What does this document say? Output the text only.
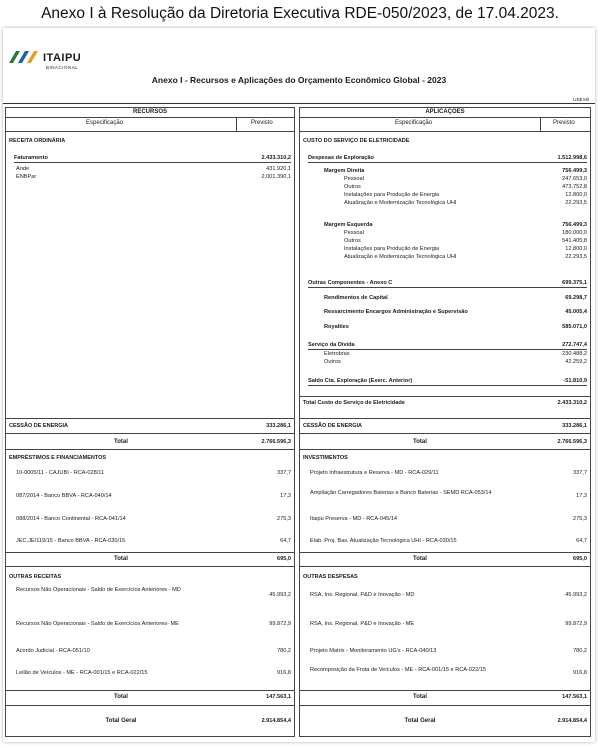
Anexo I à Resolução da Diretoria Executiva RDE-050/2023, de 17.04.2023.
ITAIPU
BINACIONAL
Anexo I - Recursos e Aplicações do Orçamento Econômico Global - 2023
US$ Mil
RECURSOS
Especificação	Previsto
RECEITA ORDINÁRIA
Faturamento	2.433.310,2
Ande	431.920,1
ENBPar	2.001.390,1
CESSÃO DE ENERGIA	333.286,1
Total	2.766.596,3
EMPRÉSTIMOS E FINANCIAMENTOS
10-0005/11 - CAJUBI - RCA-028/11	337,7
087/2014 - Banco BBVA - RCA-040/14	17,3
088/2014 - Banco Continental - RCA-041/14	275,3
JEC.JE/119/15 - Banco BBVA - RCA-030/15	64,7
Total	695,0
OUTRAS RECEITAS
Recursos Não Operacionais - Saldo de Exercícios Anteriores - MD
45.993,2
Recursos Não Operacionais - Saldo de Exercícios Anteriores- ME	99.872,9
Acordo Judicial - RCA-051/10	780,2
Leilão de Veículos - ME - RCA-001/15 e RCA-022/15	916,8
Total	147.563,1
Total Geral	2.914.854,4
APLICAÇÕES
Especificação	Previsto
CUSTO DO SERVIÇO DE ELETRICIDADE
Despesas de Exploração	1.512.998,6
Margem Direita	756.499,3
Pessoal	247.653,0
Outros	473.752,8
Instalações para Produção de Energia	12.800,0
Atualização e Modernização Tecnológica UHI	22.293,5
Margem Esquerda	756.499,3
Pessoal	180.000,0
Outros	541.405,8
Instalações para Produção de Energia	12.800,0
Atualização e Modernização Tecnológica UHI	22.293,5
Outras Componentes - Anexo C	699.375,1
Rendimentos de Capital	69.298,7
Ressarcimento Encargos Administração e Supervisão	45.005,4
Royalties	585.071,0
Serviço da Dívida	272.747,4
Eletrobras	230.488,2
Outros	42.259,2
Saldo Cta. Exploração (Exerc. Anterior)	-51.810,9
Total Custo do Serviço de Eletricidade	2.433.310,2
CESSÃO DE ENERGIA	333.286,1
Total	2.766.596,3
INVESTIMENTOS
Projeto Infraestrutura e Reserva - MD - RCA-029/11	337,7
Ampliação Carregadores Baterias e Banco Baterias - SEMD RCA-053/14	17,3
Itaipu Preserva - MD - RCA-045/14	275,3
Elab. Proj. Bas. Atualização Tecnológica UHI - RCA-030/15	64,7
Total	695,0
OUTRAS DESPESAS
RSA, Ins. Regional, P&D e Inovação - MD	45.993,2
RSA, Ins. Regional, P&D e Inovação - ME	99.872,9
Projeto Matrix - Monitoramento UG's - RCA-040/13	780,2
Recomposição da Frota de Veículos - ME - RCA-001/15 e RCA-022/15	916,8
Total	147.563,1
Total Geral	2.914.854,4
